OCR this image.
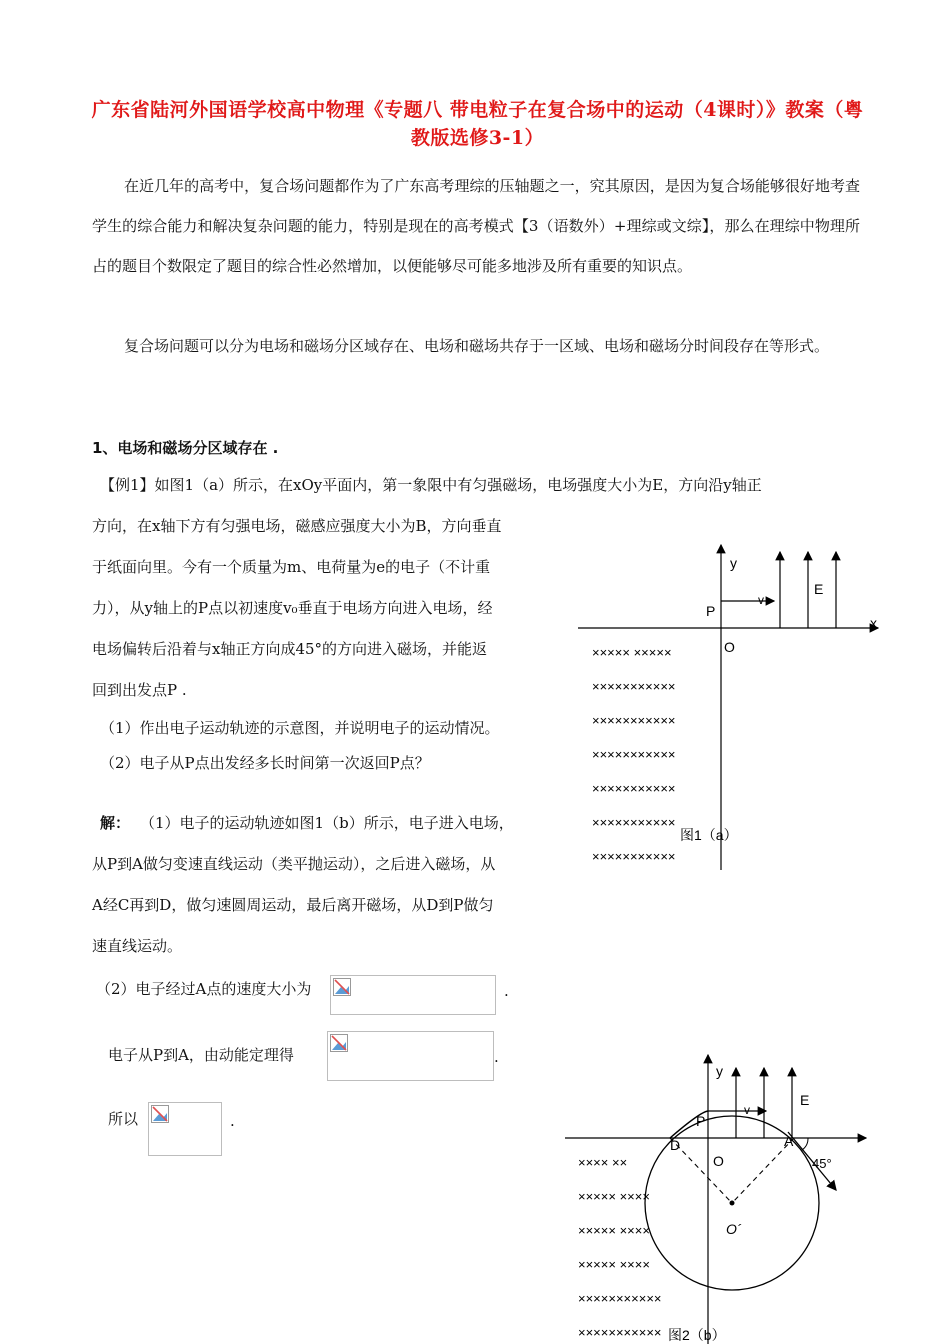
广东省陆河外国语学校高中物理《专题八 带电粒子在复合场中的运动（4课时）》教案（粤教版选修3-1）
在近几年的高考中，复合场问题都作为了广东高考理综的压轴题之一，究其原因，是因为复合场能够很好地考查学生的综合能力和解决复杂问题的能力，特别是现在的高考模式【3（语数外）+理综或文综】，那么在理综中物理所占的题目个数限定了题目的综合性必然增加，以便能够尽可能多地涉及所有重要的知识点。
复合场问题可以分为电场和磁场分区域存在、电场和磁场共存于一区域、电场和磁场分时间段存在等形式。
1、电场和磁场分区域存在 .
【例1】如图1（a）所示，在xOy平面内，第一象限中有匀强磁场，电场强度大小为E，方向沿y轴正
方向，在x轴下方有匀强电场，磁感应强度大小为B，方向垂直
于纸面向里。今有一个质量为m、电荷量为e的电子（不计重
力），从y轴上的P点以初速度v₀垂直于电场方向进入电场，经
电场偏转后沿着与x轴正方向成45°的方向进入磁场，并能返
回到出发点P .
（1）作出电子运动轨迹的示意图，并说明电子的运动情况。
（2）电子从P点出发经多长时间第一次返回P点？
解： （1）电子的运动轨迹如图1（b）所示，电子进入电场，
从P到A做匀变速直线运动（类平抛运动），之后进入磁场，从
A经C再到D，做匀速圆周运动，最后离开磁场，从D到P做匀
速直线运动。
（2）电子经过A点的速度大小为	.
电子从P到A，由动能定理得	.
所以	.
y
x
P
O
E
v
××××× ×××××
×××××××××××
×××××××××××
×××××××××××
×××××××××××
×××××××××××
×××××××××××
图1（a）
y
P
D	A
O
O´
E
v
45°
×××× ××
××××× ××××
××××× ××××
××××× ××××
×××××××××××
××××××××××× 图2（b）
